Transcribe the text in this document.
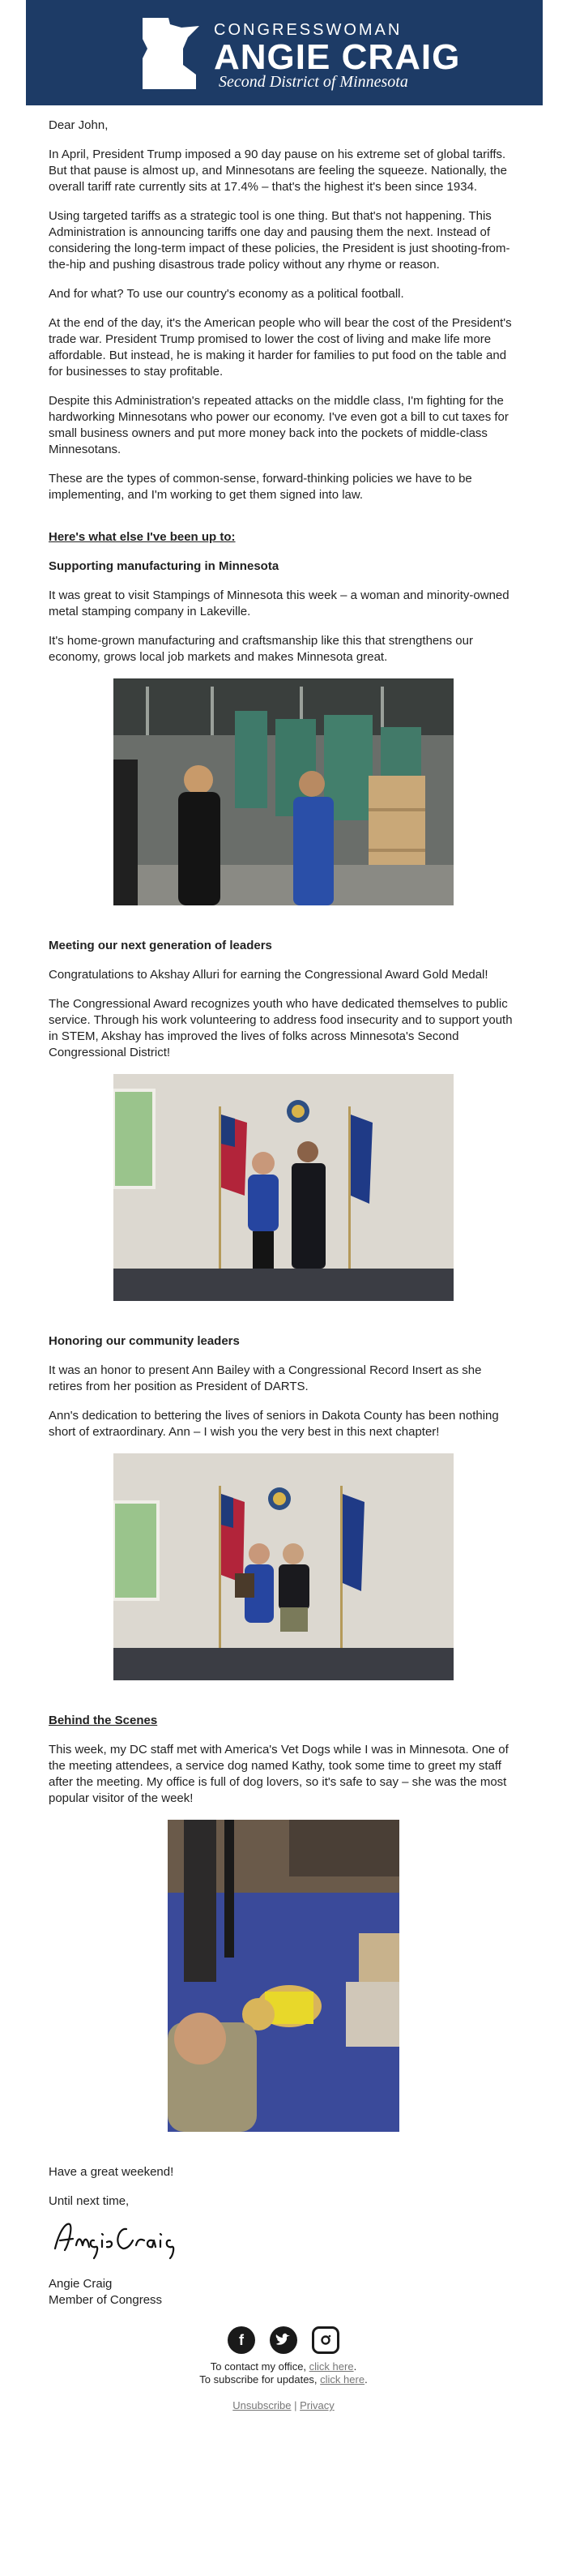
CONGRESSWOMAN
ANGIE CRAIG
Second District of Minnesota

Dear John,

In April, President Trump imposed a 90 day pause on his extreme set of global tariffs. But that pause is almost up, and Minnesotans are feeling the squeeze. Nationally, the overall tariff rate currently sits at 17.4% – that's the highest it's been since 1934.

Using targeted tariffs as a strategic tool is one thing. But that's not happening. This Administration is announcing tariffs one day and pausing them the next. Instead of considering the long-term impact of these policies, the President is just shooting-from-the-hip and pushing disastrous trade policy without any rhyme or reason.

And for what? To use our country's economy as a political football.

At the end of the day, it's the American people who will bear the cost of the President's trade war. President Trump promised to lower the cost of living and make life more affordable. But instead, he is making it harder for families to put food on the table and for businesses to stay profitable.

Despite this Administration's repeated attacks on the middle class, I'm fighting for the hardworking Minnesotans who power our economy. I've even got a bill to cut taxes for small business owners and put more money back into the pockets of middle-class Minnesotans.

These are the types of common-sense, forward-thinking policies we have to be implementing, and I'm working to get them signed into law.

Here's what else I've been up to:
Supporting manufacturing in Minnesota

It was great to visit Stampings of Minnesota this week – a woman and minority-owned metal stamping company in Lakeville.

It's home-grown manufacturing and craftsmanship like this that strengthens our economy, grows local job markets and makes Minnesota great.

Meeting our next generation of leaders

Congratulations to Akshay Alluri for earning the Congressional Award Gold Medal!

The Congressional Award recognizes youth who have dedicated themselves to public service. Through his work volunteering to address food insecurity and to support youth in STEM, Akshay has improved the lives of folks across Minnesota's Second Congressional District!

Honoring our community leaders

It was an honor to present Ann Bailey with a Congressional Record Insert as she retires from her position as President of DARTS.

Ann's dedication to bettering the lives of seniors in Dakota County has been nothing short of extraordinary. Ann – I wish you the very best in this next chapter!

Behind the Scenes

This week, my DC staff met with America's Vet Dogs while I was in Minnesota. One of the meeting attendees, a service dog named Kathy, took some time to greet my staff after the meeting. My office is full of dog lovers, so it's safe to say – she was the most popular visitor of the week!

Have a great weekend!

Until next time,

Angie Craig
Member of Congress
f
To contact my office, click here.
To subscribe for updates, click here.
Unsubscribe | Privacy
